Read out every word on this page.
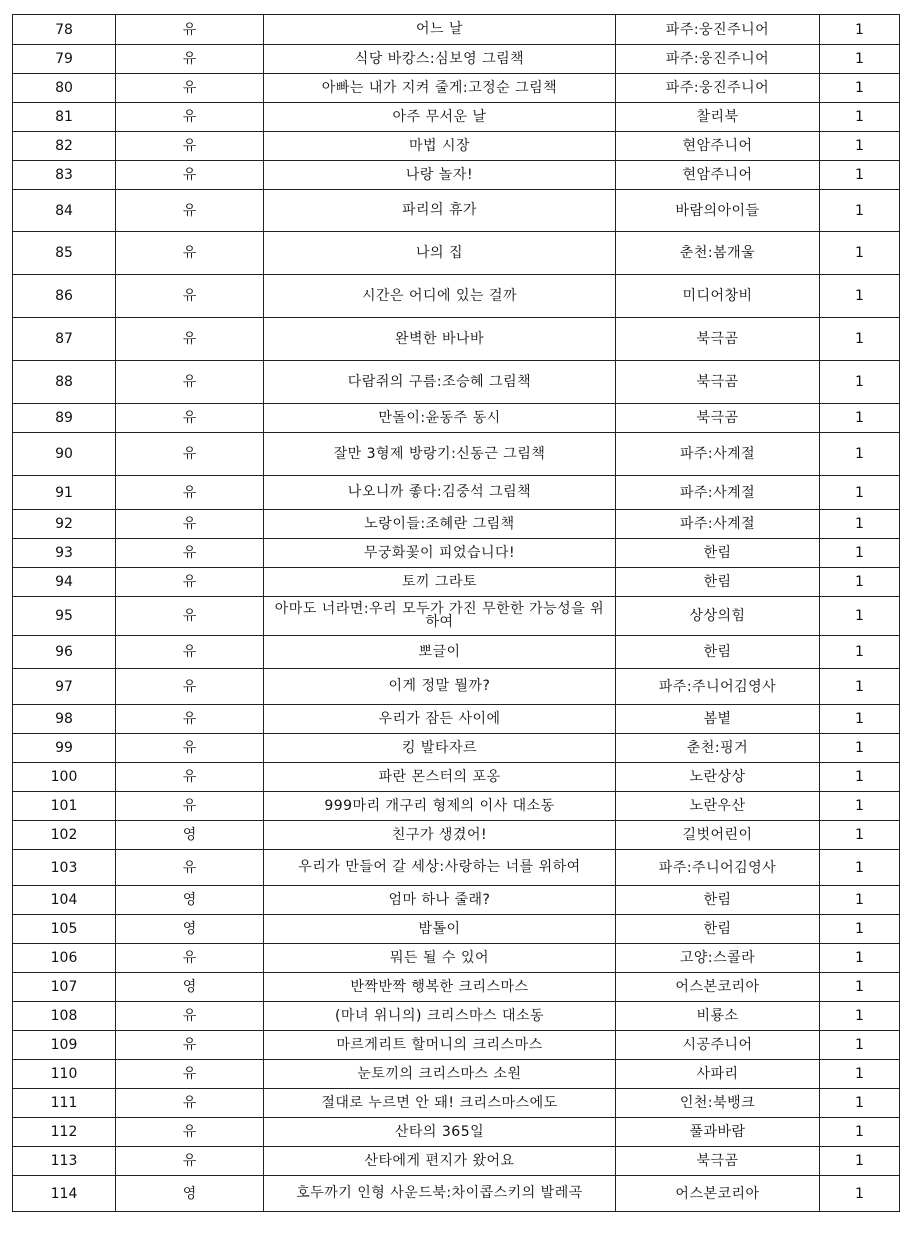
78	유	어느 날	파주:웅진주니어	1
79	유	식당 바캉스:심보영 그림책	파주:웅진주니어	1
80	유	아빠는 내가 지켜 줄게:고정순 그림책	파주:웅진주니어	1
81	유	아주 무서운 날	찰리북	1
82	유	마법 시장	현암주니어	1
83	유	나랑 놀자!	현암주니어	1
84	유	파리의 휴가	바람의아이들	1
85	유	나의 집	춘천:봄개울	1
86	유	시간은 어디에 있는 걸까	미디어창비	1
87	유	완벽한 바나바	북극곰	1
88	유	다람쥐의 구름:조승혜 그림책	북극곰	1
89	유	만돌이:윤동주 동시	북극곰	1
90	유	잘만 3형제 방랑기:신동근 그림책	파주:사계절	1
91	유	나오니까 좋다:김중석 그림책	파주:사계절	1
92	유	노랑이들:조혜란 그림책	파주:사계절	1
93	유	무궁화꽃이 피었습니다!	한림	1
94	유	토끼 그라토	한림	1
95	유	아마도 너라면:우리 모두가 가진 무한한 가능성을 위하여	상상의힘	1
96	유	뽀글이	한림	1
97	유	이게 정말 뭘까?	파주:주니어김영사	1
98	유	우리가 잠든 사이에	봄볕	1
99	유	킹 발타자르	춘천:핑거	1
100	유	파란 몬스터의 포옹	노란상상	1
101	유	999마리 개구리 형제의 이사 대소동	노란우산	1
102	영	친구가 생겼어!	길벗어린이	1
103	유	우리가 만들어 갈 세상:사랑하는 너를 위하여	파주:주니어김영사	1
104	영	엄마 하나 줄래?	한림	1
105	영	밤톨이	한림	1
106	유	뭐든 될 수 있어	고양:스콜라	1
107	영	반짝반짝 행복한 크리스마스	어스본코리아	1
108	유	(마녀 위니의) 크리스마스 대소동	비룡소	1
109	유	마르게리트 할머니의 크리스마스	시공주니어	1
110	유	눈토끼의 크리스마스 소원	사파리	1
111	유	절대로 누르면 안 돼! 크리스마스에도	인천:북뱅크	1
112	유	산타의 365일	풀과바람	1
113	유	산타에게 편지가 왔어요	북극곰	1
114	영	호두까기 인형 사운드북:차이콥스키의 발레곡	어스본코리아	1
